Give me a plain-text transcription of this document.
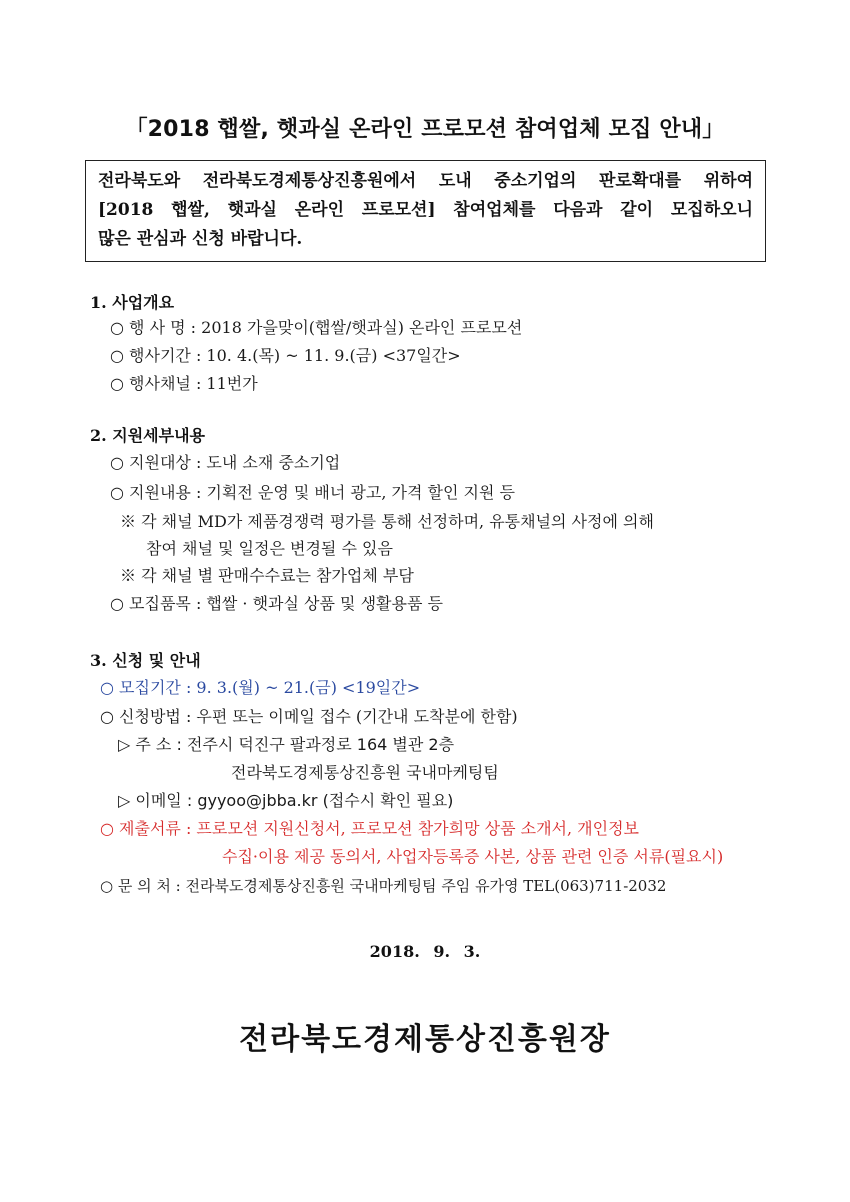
「2018 햅쌀, 햇과실 온라인 프로모션 참여업체 모집 안내」
전라북도와 전라북도경제통상진흥원에서 도내 중소기업의 판로확대를 위하여
[2018 햅쌀, 햇과실 온라인 프로모션] 참여업체를 다음과 같이 모집하오니
많은 관심과 신청 바랍니다.
1. 사업개요
○ 행 사 명 : 2018 가을맞이(햅쌀/햇과실) 온라인 프로모션
○ 행사기간 : 10. 4.(목) ~ 11. 9.(금) <37일간>
○ 행사채널 : 11번가
2. 지원세부내용
○ 지원대상 : 도내 소재 중소기업
○ 지원내용 : 기획전 운영 및 배너 광고, 가격 할인 지원 등
※ 각 채널 MD가 제품경쟁력 평가를 통해 선정하며, 유통채널의 사정에 의해
참여 채널 및 일정은 변경될 수 있음
※ 각 채널 별 판매수수료는 참가업체 부담
○ 모집품목 : 햅쌀 · 햇과실 상품 및 생활용품 등
3. 신청 및 안내
○ 모집기간 : 9. 3.(월) ~ 21.(금) <19일간>
○ 신청방법 : 우편 또는 이메일 접수 (기간내 도착분에 한함)
▷ 주 소 : 전주시 덕진구 팔과정로 164 별관 2층
전라북도경제통상진흥원 국내마케팅팀
▷ 이메일 : gyyoo@jbba.kr (접수시 확인 필요)
○ 제출서류 : 프로모션 지원신청서, 프로모션 참가희망 상품 소개서, 개인정보
수집·이용 제공 동의서, 사업자등록증 사본, 상품 관련 인증 서류(필요시)
○ 문 의 처 : 전라북도경제통상진흥원 국내마케팅팀 주임 유가영 TEL(063)711-2032
2018. 9. 3.
전라북도경제통상진흥원장
